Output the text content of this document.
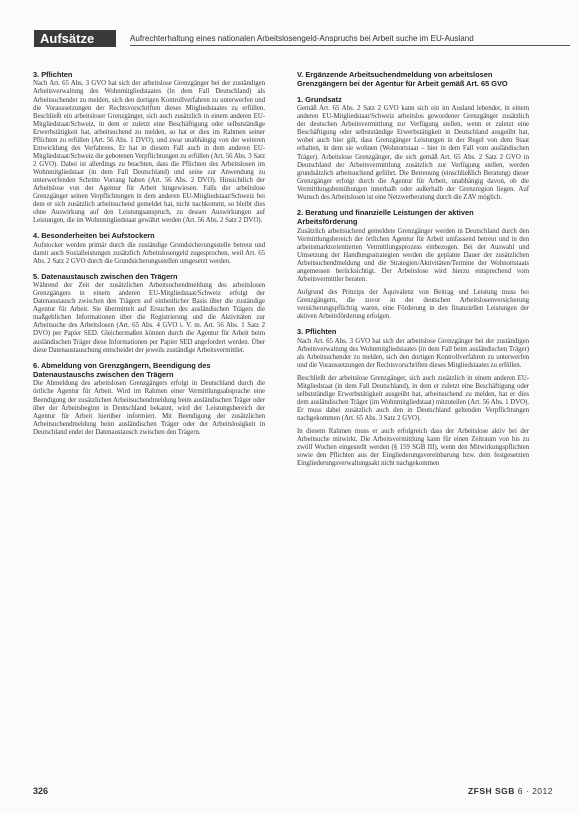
Aufsätze	Aufrechterhaltung eines nationalen Arbeitslosengeld-Anspruchs bei Arbeit suche im EU-Ausland
3. Pflichten

Nach Art. 65 Abs. 3 GVO hat sich der arbeitslose Grenzgänger bei der zuständigen Arbeitsverwaltung des Wohnmitgliedstaates (in dem Fall Deutschland) als Arbeitsuchender zu melden, sich den dortigen Kontrollverfahren zu unterwerfen und die Voraussetzungen der Rechtsvorschriften dieses Mitgliedstaates zu erfüllen. Beschließt ein arbeitsloser Grenzgänger, sich auch zusätzlich in einem anderen EU-Mitgliedstaat/Schweiz, in dem er zuletzt eine Beschäftigung oder selbstständige Erwerbstätigkeit hat, arbeitsuchend zu melden, so hat er dies im Rahmen seiner Pflichten zu erfüllen (Art. 56 Abs. 1 DVO), und zwar unabhängig von der weiteren Entwicklung des Verfahrens. Er hat in diesem Fall auch in dem anderen EU-Mitgliedstaat/Schweiz die gebotenen Verpflichtungen zu erfüllen (Art. 56 Abs. 3 Satz 2 GVO). Dabei ist allerdings zu beachten, dass die Pflichten des Arbeitslosen im Wohnmitgliedstaat (in dem Fall Deutschland) und seine zur Anwendung zu unterwerfenden Schritte Vorrang haben (Art. 56 Abs. 2 DVO). Hinsichtlich der Arbeitslose von der Agentur für Arbeit hingewiesen. Falls der arbeitslose Grenzgänger seinen Verpflichtungen in dem anderen EU-Mitgliedstaat/Schweiz bei dem er sich zusätzlich arbeitsuchend gemeldet hat, nicht nachkommt, so bleibt dies ohne Auswirkung auf den Leistungsanspruch, zu dessen Auswirkungen auf Leistungen, die im Wohnmitgliedstaat gewährt werden (Art. 56 Abs. 2 Satz 2 DVO).

4. Besonderheiten bei Aufstockern

Aufstocker werden primär durch die zuständige Grundsicherungsstelle betreut und damit auch Sozialleistungen zusätzlich Arbeitslosengeld zugesprochen, weil Art. 65 Abs. 2 Satz 2 GVO durch die Grundsicherungsstellen umgesetzt werden.

5. Datenaustausch zwischen den Trägern

Während der Zeit der zusätzlichen Arbeitsuchendmeldung des arbeitslosen Grenzgängers in einem anderen EU-Mitgliedstaat/Schweiz erfolgt der Datenaustausch zwischen den Trägern auf einheitlicher Basis über die zuständige Agentur für Arbeit. Sie übermittelt auf Ersuchen des ausländischen Trägers die maßgeblichen Informationen über die Registrierung und die Aktivitäten zur Arbeitsuche des Arbeitslosen (Art. 65 Abs. 4 GVO i. V. m. Art. 56 Abs. 1 Satz 2 DVO) per Papier SED. Gleichermaßen können durch die Agentur für Arbeit beim ausländischen Träger diese Informationen per Papier SED angefordert werden. Über diese Datenaustauschung entscheidet der jeweils zuständige Arbeitsvermittler.

6. Abmeldung von Grenzgängern, Beendigung des Datenaustauschs zwischen den Trägern

Die Abmeldung des arbeitslosen Grenzgängers erfolgt in Deutschland durch die örtliche Agentur für Arbeit. Wird im Rahmen einer Vermittlungsabsprache eine Beendigung der zusätzlichen Arbeitsuchendmeldung beim ausländischen Träger oder über der Arbeitsbeginn in Deutschland bekannt, wird der Leistungsbereich der Agentur für Arbeit hierüber informiert. Mit Beendigung der zusätzlichen Arbeitsuchendmeldung beim ausländischen Träger oder der Arbeitslosigkeit in Deutschland endet der Datenaustausch zwischen den Trägern.

V. Ergänzende Arbeitsuchendmeldung von arbeitslosen Grenzgängern bei der Agentur für Arbeit gemäß Art. 65 GVO
1. Grundsatz

Gemäß Art. 65 Abs. 2 Satz 2 GVO kann sich ein im Ausland lebender, in einem anderen EU-Mitgliedstaat/Schweiz arbeitslos gewordener Grenzgänger zusätzlich der deutschen Arbeitsvermittlung zur Verfügung stellen, wenn er zuletzt eine Beschäftigung oder selbstständige Erwerbstätigkeit in Deutschland ausgeübt hat, wobei auch hier gilt, dass Grenzgänger Leistungen in der Regel von dem Staat erhalten, in dem sie wohnen (Wohnortstaat – hier in dem Fall vom ausländischen Träger). Arbeitslose Grenzgänger, die sich gemäß Art. 65 Abs. 2 Satz 2 GVO in Deutschland der Arbeitsvermittlung zusätzlich zur Verfügung stellen, werden grundsätzlich arbeitsuchend geführt. Die Betreuung (einschließlich Beratung) dieser Grenzgänger erfolgt durch die Agentur für Arbeit, unabhängig davon, ob die Vermittlungsbemühungen innerhalb oder außerhalb der Grenzregion liegen. Auf Wunsch des Arbeitslosen ist eine Netzwerberatung durch die ZAV möglich.

2. Beratung und finanzielle Leistungen der aktiven Arbeitsförderung

Zusätzlich arbeitsuchend gemeldete Grenzgänger werden in Deutschland durch den Vermittlungsbereich der örtlichen Agentur für Arbeit umfassend betreut und in den arbeitsmarktorientierten Vermittlungsprozess einbezogen. Bei der Auswahl und Umsetzung der Handlungsstrategien werden die geplante Dauer der zusätzlichen Arbeitsuchendmeldung und die Strategien/Aktivitäten/Termine der Wohnortstaats angemessen berücksichtigt. Der Arbeitslose wird hierzu entsprechend vom Arbeitsvermittler beraten.

Aufgrund des Prinzips der Äquivalenz von Beitrag und Leistung muss bei Grenzgängern, die zuvor in der deutschen Arbeitslosenversicherung versicherungspflichtig waren, eine Förderung in den finanziellen Leistungen der aktiven Arbeitsförderung erfolgen.

3. Pflichten

Nach Art. 65 Abs. 3 GVO hat sich der arbeitslose Grenzgänger bei der zuständigen Arbeitsverwaltung des Wohnmitgliedstaates (in dem Fall beim ausländischen Träger) als Arbeitsuchender zu melden, sich den dortigen Kontrollverfahren zu unterwerfen und die Voraussetzungen der Rechtsvorschriften dieses Mitgliedstaates zu erfüllen.

Beschließt der arbeitslose Grenzgänger, sich auch zusätzlich in einem anderen EU-Mitgliedstaat (in dem Fall Deutschland), in dem er zuletzt eine Beschäftigung oder selbstständige Erwerbstätigkeit ausgeübt hat, arbeitsuchend zu melden, hat er dies dem ausländischen Träger (im Wohnmitgliedstaat) mitzuteilen (Art. 56 Abs. 1 DVO). Er muss dabei zusätzlich auch den in Deutschland geltenden Verpflichtungen nachgekommen (Art. 65 Abs. 3 Satz 2 GVO).

In diesem Rahmen muss er auch erfolgreich dass der Arbeitslose aktiv bei der Arbeitsuche mitwirkt. Die Arbeitsvermittlung kann für einen Zeitraum von bis zu zwölf Wochen eingestellt werden (§ 159 SGB III), wenn den Mitwirkungspflichten sowie den Pflichten aus der Eingliederungsvereinbarung bzw. dem festgesetzten Eingliederungsverwaltungsakt nicht nachgekommen

326	ZFSH SGB 6 · 2012
